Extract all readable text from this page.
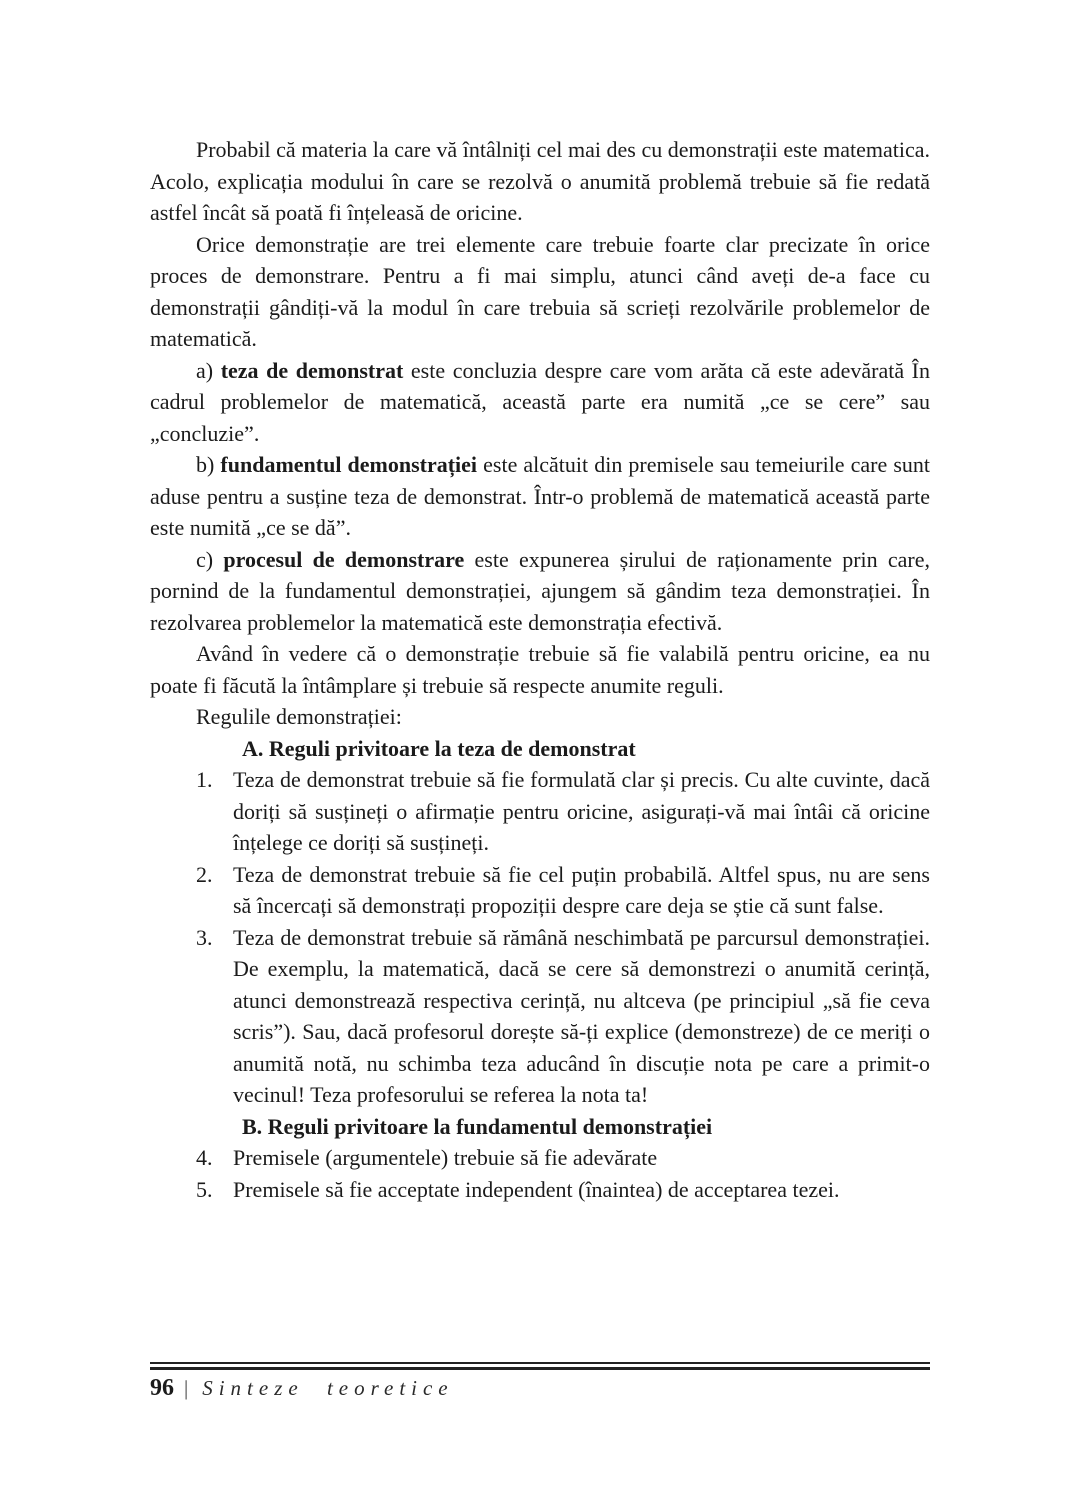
Probabil că materia la care vă întâlniți cel mai des cu demonstrații este matematica. Acolo, explicația modului în care se rezolvă o anumită problemă trebuie să fie redată astfel încât să poată fi înțeleasă de oricine.

Orice demonstrație are trei elemente care trebuie foarte clar precizate în orice proces de demonstrare. Pentru a fi mai simplu, atunci când aveți de-a face cu demonstrații gândiți-vă la modul în care trebuia să scrieți rezolvările problemelor de matematică.

a) teza de demonstrat este concluzia despre care vom arăta că este adevărată În cadrul problemelor de matematică, această parte era numită „ce se cere” sau „concluzie”.

b) fundamentul demonstrației este alcătuit din premisele sau temeiurile care sunt aduse pentru a susține teza de demonstrat. Într-o problemă de matematică această parte este numită „ce se dă”.

c) procesul de demonstrare este expunerea șirului de raționamente prin care, pornind de la fundamentul demonstrației, ajungem să gândim teza demonstrației. În rezolvarea problemelor la matematică este demonstrația efectivă.

Având în vedere că o demonstrație trebuie să fie valabilă pentru oricine, ea nu poate fi făcută la întâmplare și trebuie să respecte anumite reguli.

Regulile demonstrației:

A. Reguli privitoare la teza de demonstrat

1. Teza de demonstrat trebuie să fie formulată clar și precis. Cu alte cuvinte, dacă doriți să susțineți o afirmație pentru oricine, asigurați-vă mai întâi că oricine înțelege ce doriți să susțineți.
2. Teza de demonstrat trebuie să fie cel puțin probabilă. Altfel spus, nu are sens să încercați să demonstrați propoziții despre care deja se știe că sunt false.
3. Teza de demonstrat trebuie să rămână neschimbată pe parcursul demonstrației. De exemplu, la matematică, dacă se cere să demonstrezi o anumită cerință, atunci demonstrează respectiva cerință, nu altceva (pe principiul „să fie ceva scris”). Sau, dacă profesorul dorește să-ți explice (demonstreze) de ce meriți o anumită notă, nu schimba teza aducând în discuție nota pe care a primit-o vecinul! Teza profesorului se referea la nota ta!

B. Reguli privitoare la fundamentul demonstrației

4. Premisele (argumentele) trebuie să fie adevărate
5. Premisele să fie acceptate independent (înaintea) de acceptarea tezei.
96 | Sinteze teoretice
